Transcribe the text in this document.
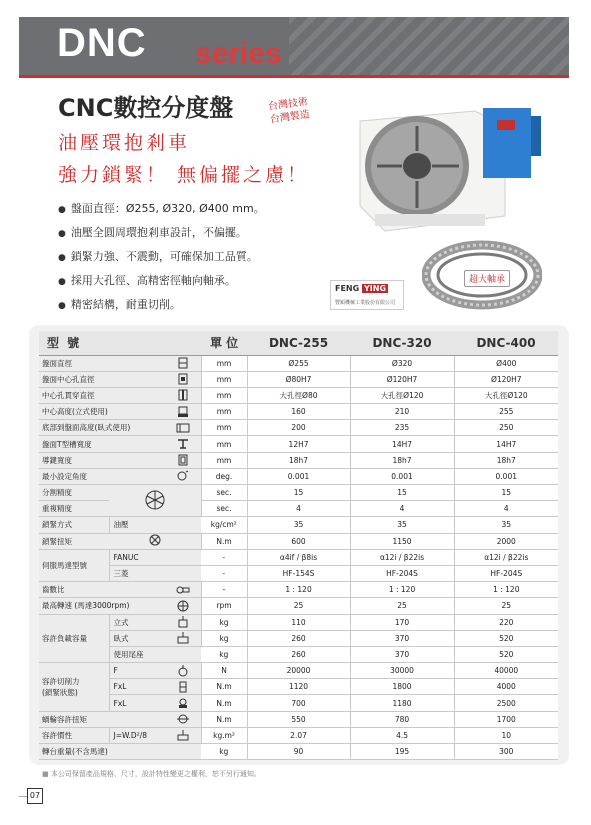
DNC series
CNC數控分度盤	台灣技術
台灣製造
油壓環抱剎車
強力鎖緊！ 無偏擺之慮！
● 盤面直徑：Ø255, Ø320, Ø400 mm。
● 油壓全圓周環抱剎車設計，不偏擺。
● 鎖緊力強、不震動，可確保加工品質。
● 採用大孔徑、高精密徑軸向軸承。
● 精密結構，耐重切削。
超大軸承
FENG YING
豐穎機械工業股份有限公司
型 號			單 位	DNC-255	DNC-320	DNC-400
盤面直徑			mm	Ø255	Ø320	Ø400
盤面中心孔直徑			mm	Ø80H7	Ø120H7	Ø120H7
中心孔貫穿直徑			mm	大孔徑Ø80	大孔徑Ø120	大孔徑Ø120
中心高度(立式使用)			mm	160	210	255
底部到盤面高度(臥式使用)			mm	200	235	250
盤面T型槽寬度			mm	12H7	14H7	14H7
導鍵寬度			mm	18h7	18h7	18h7
最小設定角度			deg.	0.001	0.001	0.001
分割精度			sec.	15	15	15
重複精度			sec.	4	4	4
鎖緊方式	油壓		kg/cm²	35	35	35
鎖緊扭矩			N.m	600	1150	2000
伺服馬達型號	FANUC		-	α4if / β8is	α12i / β22is	α12i / β22is
	三菱		-	HF-154S	HF-204S	HF-204S
齒數比			-	1 : 120	1 : 120	1 : 120
最高轉速 (馬達3000rpm)			rpm	25	25	25
容許負載容量	立式		kg	110	170	220
	臥式		kg	260	370	520
	使用尾座		kg	260	370	520

容許切削力
(鎖緊狀態)	F		N	20000	30000	40000
	FxL		N.m	1120	1800	4000
	FxL		N.m	700	1180	2500
蝸輪容許扭矩			N.m	550	780	1700
容許慣性	J=W.D²/8		kg.m²	2.07	4.5	10
轉台重量(不含馬達)			kg	90	195	300
■ 本公司保留產品規格、尺寸，設計特性變更之權利，恕不另行通知。
07
